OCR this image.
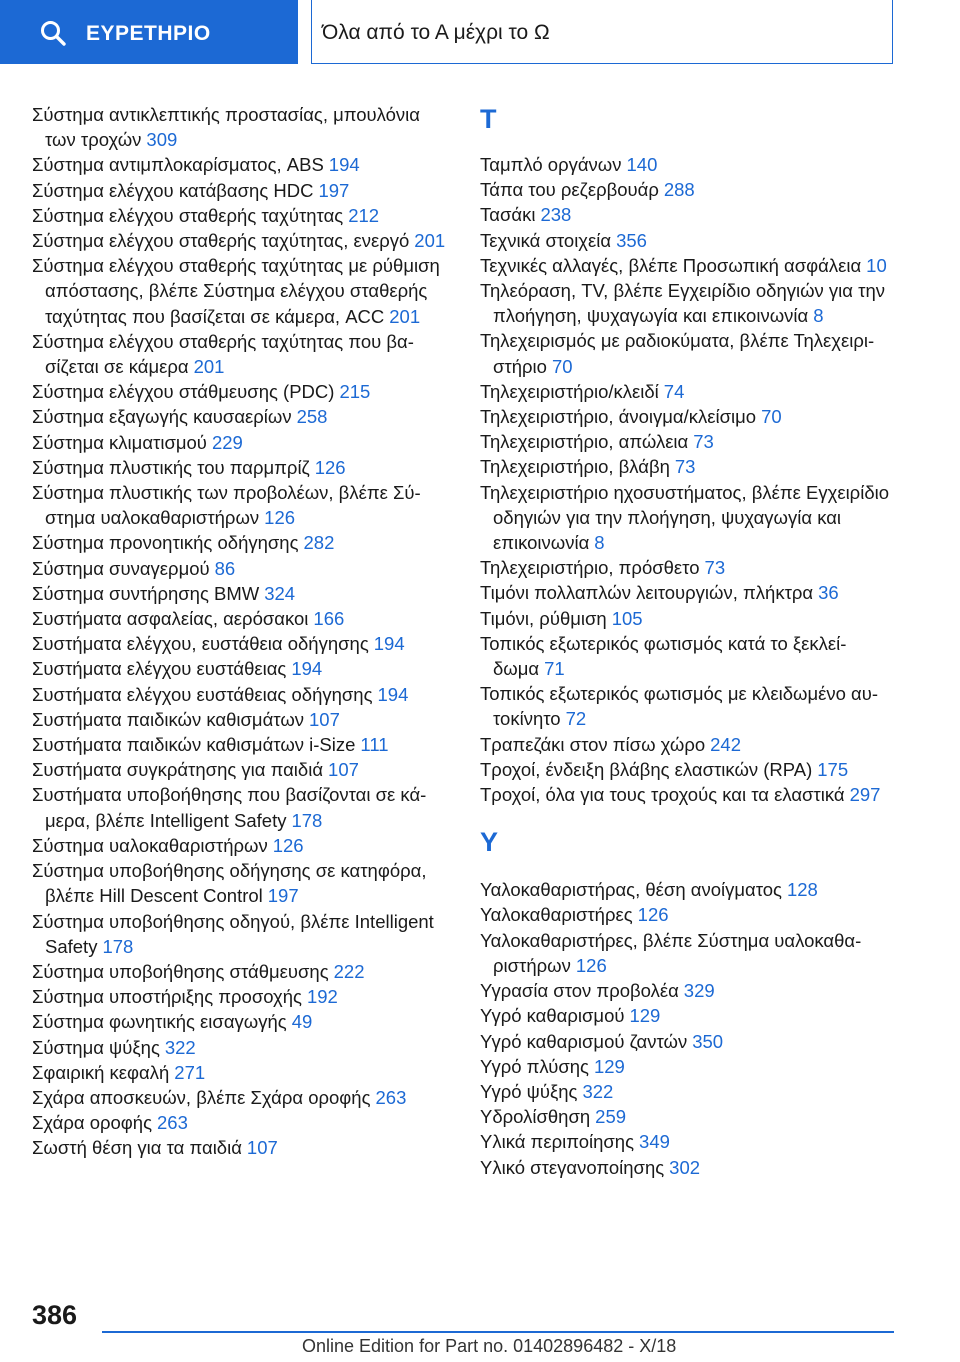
ΕΥΡΕΤΗΡΙΟ	Όλα από το Α μέχρι το Ω
Σύστημα αντικλεπτικής προστασίας, μπουλόνια των τροχών 309
Σύστημα αντιμπλοκαρίσματος, ABS 194
Σύστημα ελέγχου κατάβασης HDC 197
Σύστημα ελέγχου σταθερής ταχύτητας 212
Σύστημα ελέγχου σταθερής ταχύτητας, ενεργό 201
Σύστημα ελέγχου σταθερής ταχύτητας με ρύθμιση απόστασης, βλέπε Σύστημα ελέγχου σταθερής ταχύτητας που βασίζεται σε κάμερα, ACC 201
Σύστημα ελέγχου σταθερής ταχύτητας που βασίζεται σε κάμερα 201
Σύστημα ελέγχου στάθμευσης (PDC) 215
Σύστημα εξαγωγής καυσαερίων 258
Σύστημα κλιματισμού 229
Σύστημα πλυστικής του παρμπρίζ 126
Σύστημα πλυστικής των προβολέων, βλέπε Σύστημα υαλοκαθαριστήρων 126
Σύστημα προνοητικής οδήγησης 282
Σύστημα συναγερμού 86
Σύστημα συντήρησης BMW 324
Συστήματα ασφαλείας, αερόσακοι 166
Συστήματα ελέγχου, ευστάθεια οδήγησης 194
Συστήματα ελέγχου ευστάθειας 194
Συστήματα ελέγχου ευστάθειας οδήγησης 194
Συστήματα παιδικών καθισμάτων 107
Συστήματα παιδικών καθισμάτων i-Size 111
Συστήματα συγκράτησης για παιδιά 107
Συστήματα υποβοήθησης που βασίζονται σε κάμερα, βλέπε Intelligent Safety 178
Σύστημα υαλοκαθαριστήρων 126
Σύστημα υποβοήθησης οδήγησης σε κατηφόρα, βλέπε Hill Descent Control 197
Σύστημα υποβοήθησης οδηγού, βλέπε Intelligent Safety 178
Σύστημα υποβοήθησης στάθμευσης 222
Σύστημα υποστήριξης προσοχής 192
Σύστημα φωνητικής εισαγωγής 49
Σύστημα ψύξης 322
Σφαιρική κεφαλή 271
Σχάρα αποσκευών, βλέπε Σχάρα οροφής 263
Σχάρα οροφής 263
Σωστή θέση για τα παιδιά 107
T
Ταμπλό οργάνων 140
Τάπα του ρεζερβουάρ 288
Τασάκι 238
Τεχνικά στοιχεία 356
Τεχνικές αλλαγές, βλέπε Προσωπική ασφάλεια 10
Τηλεόραση, TV, βλέπε Εγχειρίδιο οδηγιών για την πλοήγηση, ψυχαγωγία και επικοινωνία 8
Τηλεχειρισμός με ραδιοκύματα, βλέπε Τηλεχειριστήριο 70
Τηλεχειριστήριο/κλειδί 74
Τηλεχειριστήριο, άνοιγμα/κλείσιμο 70
Τηλεχειριστήριο, απώλεια 73
Τηλεχειριστήριο, βλάβη 73
Τηλεχειριστήριο ηχοσυστήματος, βλέπε Εγχειρίδιο οδηγιών για την πλοήγηση, ψυχαγωγία και επικοινωνία 8
Τηλεχειριστήριο, πρόσθετο 73
Τιμόνι πολλαπλών λειτουργιών, πλήκτρα 36
Τιμόνι, ρύθμιση 105
Τοπικός εξωτερικός φωτισμός κατά το ξεκλείδωμα 71
Τοπικός εξωτερικός φωτισμός με κλειδωμένο αυτοκίνητο 72
Τραπεζάκι στον πίσω χώρο 242
Τροχοί, ένδειξη βλάβης ελαστικών (RPA) 175
Τροχοί, όλα για τους τροχούς και τα ελαστικά 297
Y
Υαλοκαθαριστήρας, θέση ανοίγματος 128
Υαλοκαθαριστήρες 126
Υαλοκαθαριστήρες, βλέπε Σύστημα υαλοκαθαριστήρων 126
Υγρασία στον προβολέα 329
Υγρό καθαρισμού 129
Υγρό καθαρισμού ζαντών 350
Υγρό πλύσης 129
Υγρό ψύξης 322
Υδρολίσθηση 259
Υλικά περιποίησης 349
Υλικό στεγανοποίησης 302
386
Online Edition for Part no. 01402896482 - X/18
